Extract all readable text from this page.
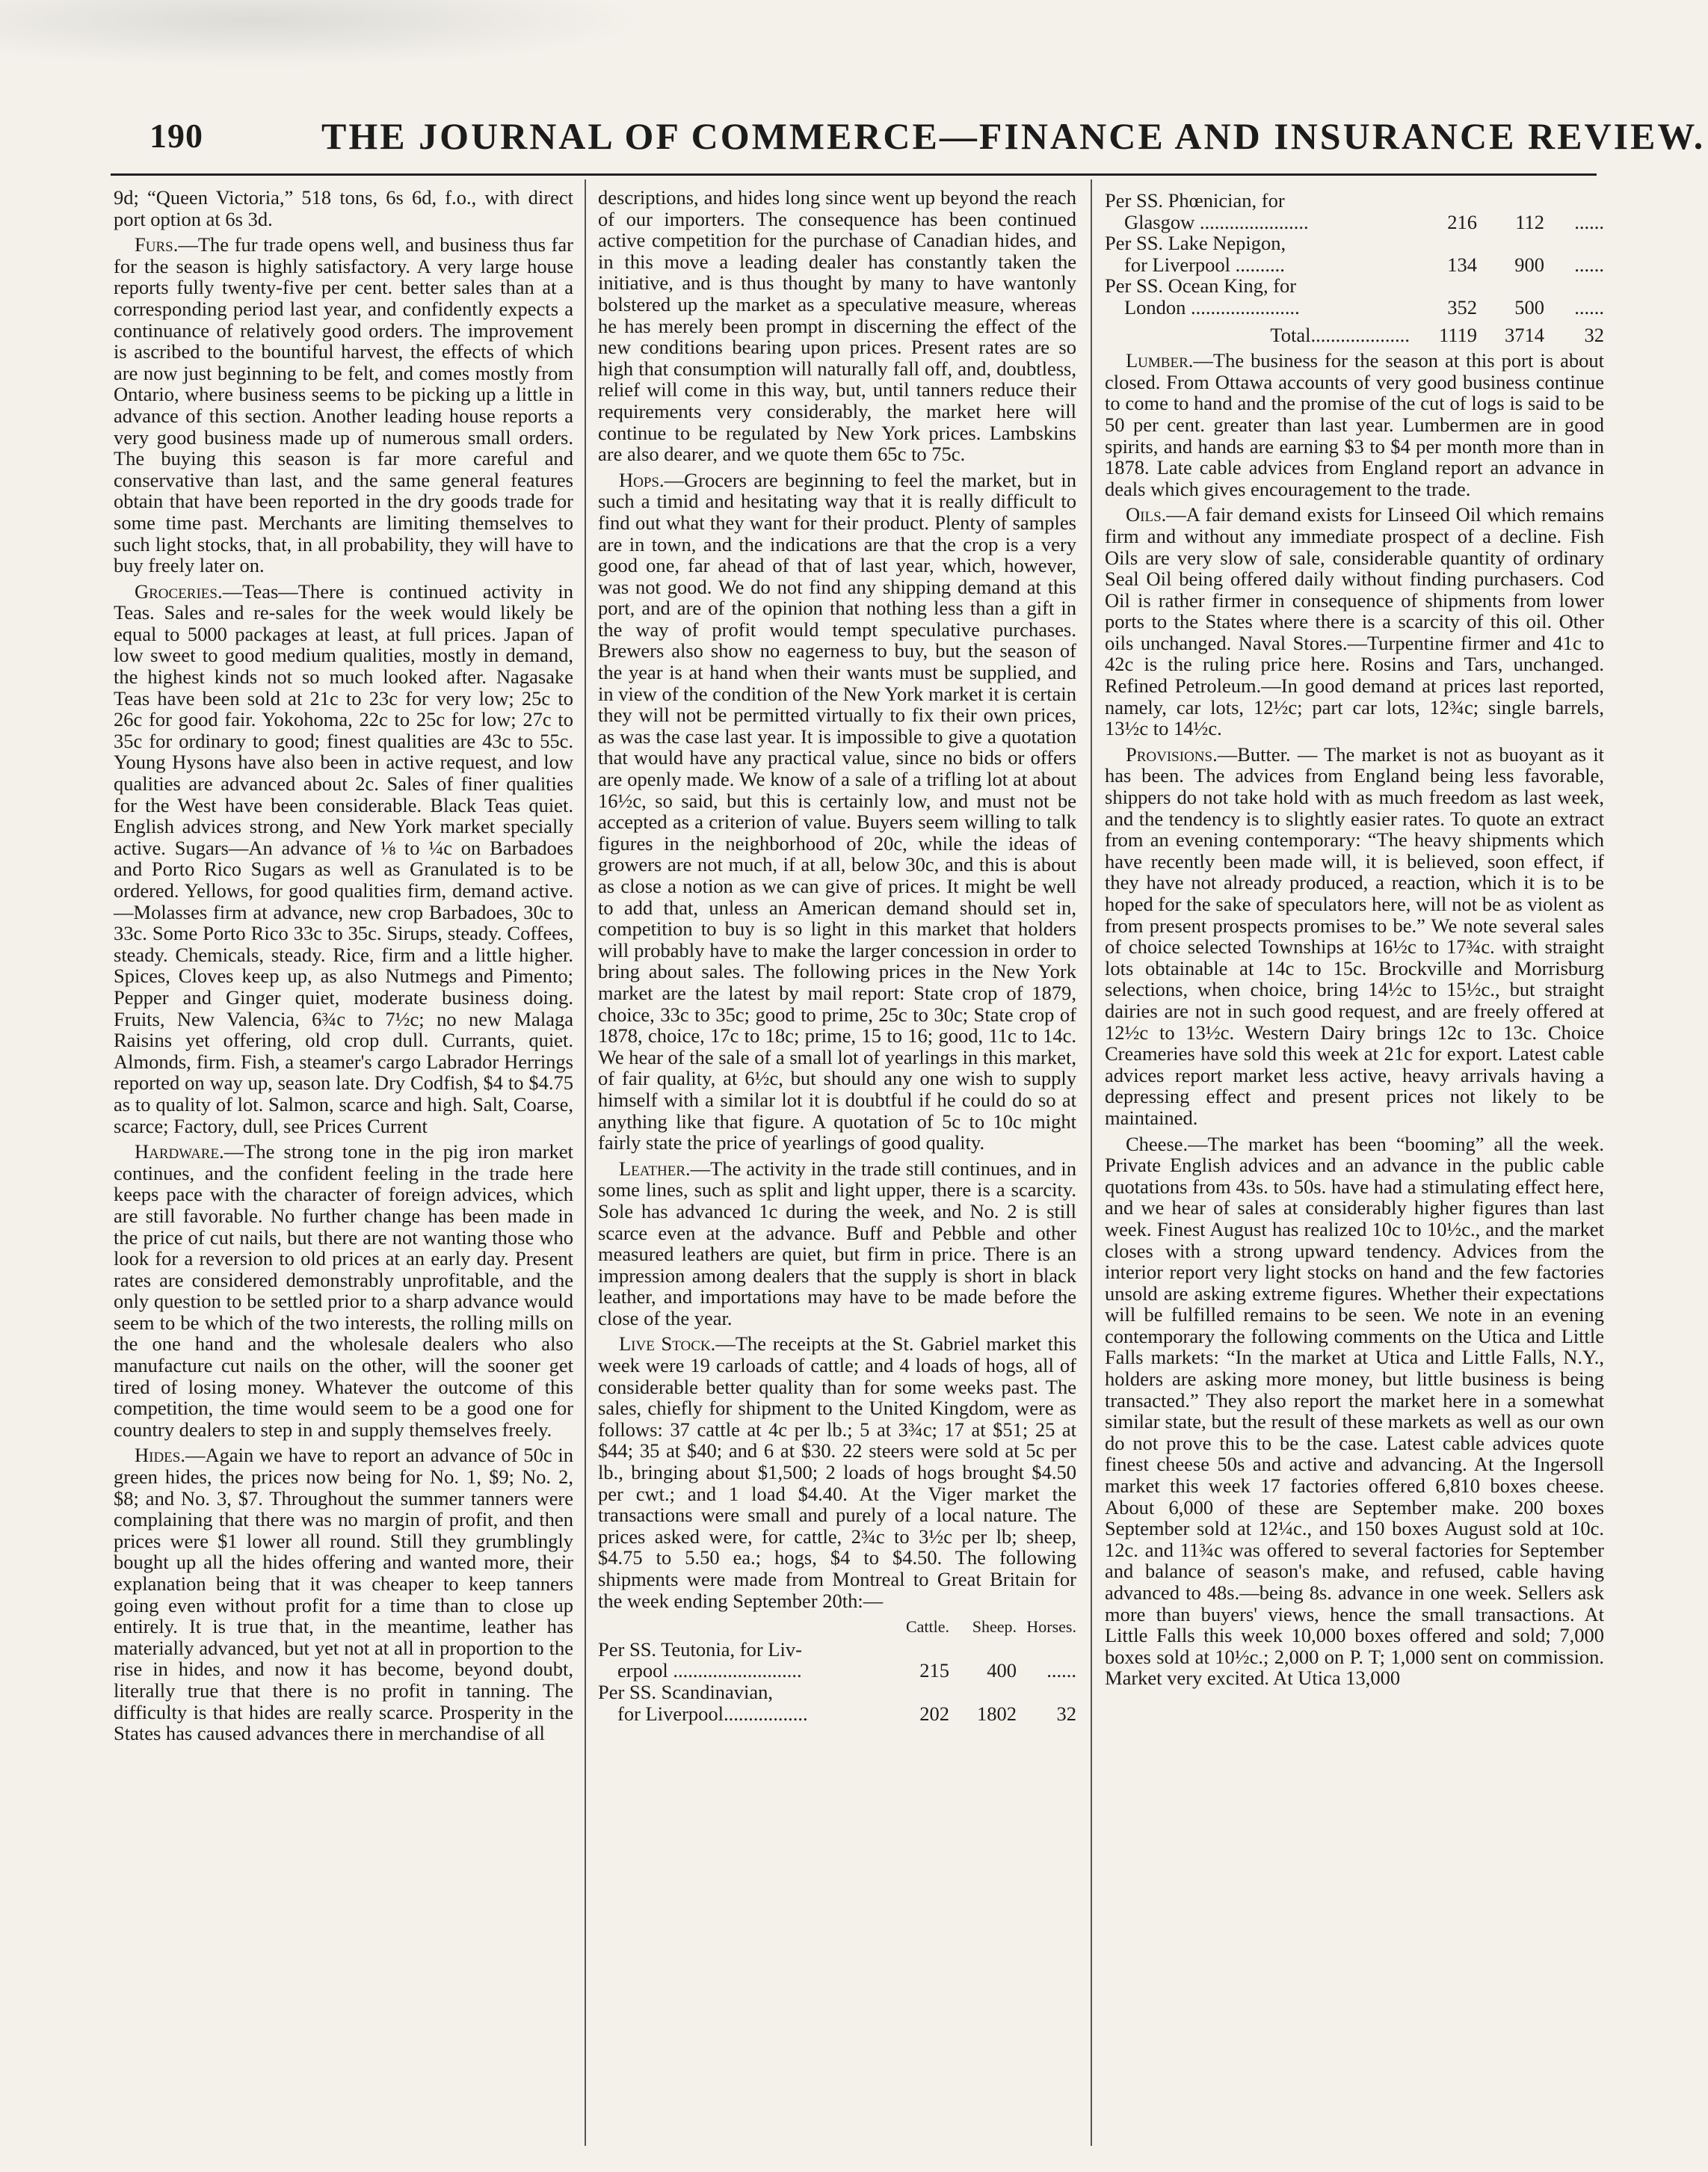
190	THE JOURNAL OF COMMERCE—FINANCE AND INSURANCE REVIEW.

9d; “Queen Victoria,” 518 tons, 6s 6d, f.o., with direct port option at 6s 3d.

Furs.—The fur trade opens well, and business thus far for the season is highly satisfactory. A very large house reports fully twenty-five per cent. better sales than at a corresponding period last year, and confidently expects a continuance of relatively good orders. The improvement is ascribed to the bountiful harvest, the effects of which are now just beginning to be felt, and comes mostly from Ontario, where business seems to be picking up a little in advance of this section. Another leading house reports a very good business made up of numerous small orders. The buying this season is far more careful and conservative than last, and the same general features obtain that have been reported in the dry goods trade for some time past. Merchants are limiting themselves to such light stocks, that, in all probability, they will have to buy freely later on.

Groceries.—Teas—There is continued activity in Teas. Sales and re-sales for the week would likely be equal to 5000 packages at least, at full prices. Japan of low sweet to good medium qualities, mostly in demand, the highest kinds not so much looked after. Nagasake Teas have been sold at 21c to 23c for very low; 25c to 26c for good fair. Yokohoma, 22c to 25c for low; 27c to 35c for ordinary to good; finest qualities are 43c to 55c. Young Hysons have also been in active request, and low qualities are advanced about 2c. Sales of finer qualities for the West have been considerable. Black Teas quiet. English advices strong, and New York market specially active. Sugars—An advance of ⅛ to ¼c on Barbadoes and Porto Rico Sugars as well as Granulated is to be ordered. Yellows, for good qualities firm, demand active.—Molasses firm at advance, new crop Barbadoes, 30c to 33c. Some Porto Rico 33c to 35c. Sirups, steady. Coffees, steady. Chemicals, steady. Rice, firm and a little higher. Spices, Cloves keep up, as also Nutmegs and Pimento; Pepper and Ginger quiet, moderate business doing. Fruits, New Valencia, 6¾c to 7½c; no new Malaga Raisins yet offering, old crop dull. Currants, quiet. Almonds, firm. Fish, a steamer's cargo Labrador Herrings reported on way up, season late. Dry Codfish, $4 to $4.75 as to quality of lot. Salmon, scarce and high. Salt, Coarse, scarce; Factory, dull, see Prices Current

Hardware.—The strong tone in the pig iron market continues, and the confident feeling in the trade here keeps pace with the character of foreign advices, which are still favorable. No further change has been made in the price of cut nails, but there are not wanting those who look for a reversion to old prices at an early day. Present rates are considered demonstrably unprofitable, and the only question to be settled prior to a sharp advance would seem to be which of the two interests, the rolling mills on the one hand and the wholesale dealers who also manufacture cut nails on the other, will the sooner get tired of losing money. Whatever the outcome of this competition, the time would seem to be a good one for country dealers to step in and supply themselves freely.

Hides.—Again we have to report an advance of 50c in green hides, the prices now being for No. 1, $9; No. 2, $8; and No. 3, $7. Throughout the summer tanners were complaining that there was no margin of profit, and then prices were $1 lower all round. Still they grumblingly bought up all the hides offering and wanted more, their explanation being that it was cheaper to keep tanners going even without profit for a time than to close up entirely. It is true that, in the meantime, leather has materially advanced, but yet not at all in proportion to the rise in hides, and now it has become, beyond doubt, literally true that there is no profit in tanning. The difficulty is that hides are really scarce. Prosperity in the States has caused advances there in merchandise of all

descriptions, and hides long since went up beyond the reach of our importers. The consequence has been continued active competition for the purchase of Canadian hides, and in this move a leading dealer has constantly taken the initiative, and is thus thought by many to have wantonly bolstered up the market as a speculative measure, whereas he has merely been prompt in discerning the effect of the new conditions bearing upon prices. Present rates are so high that consumption will naturally fall off, and, doubtless, relief will come in this way, but, until tanners reduce their requirements very considerably, the market here will continue to be regulated by New York prices. Lambskins are also dearer, and we quote them 65c to 75c.

Hops.—Grocers are beginning to feel the market, but in such a timid and hesitating way that it is really difficult to find out what they want for their product. Plenty of samples are in town, and the indications are that the crop is a very good one, far ahead of that of last year, which, however, was not good. We do not find any shipping demand at this port, and are of the opinion that nothing less than a gift in the way of profit would tempt speculative purchases. Brewers also show no eagerness to buy, but the season of the year is at hand when their wants must be supplied, and in view of the condition of the New York market it is certain they will not be permitted virtually to fix their own prices, as was the case last year. It is impossible to give a quotation that would have any practical value, since no bids or offers are openly made. We know of a sale of a trifling lot at about 16½c, so said, but this is certainly low, and must not be accepted as a criterion of value. Buyers seem willing to talk figures in the neighborhood of 20c, while the ideas of growers are not much, if at all, below 30c, and this is about as close a notion as we can give of prices. It might be well to add that, unless an American demand should set in, competition to buy is so light in this market that holders will probably have to make the larger concession in order to bring about sales. The following prices in the New York market are the latest by mail report: State crop of 1879, choice, 33c to 35c; good to prime, 25c to 30c; State crop of 1878, choice, 17c to 18c; prime, 15 to 16; good, 11c to 14c. We hear of the sale of a small lot of yearlings in this market, of fair quality, at 6½c, but should any one wish to supply himself with a similar lot it is doubtful if he could do so at anything like that figure. A quotation of 5c to 10c might fairly state the price of yearlings of good quality.

Leather.—The activity in the trade still continues, and in some lines, such as split and light upper, there is a scarcity. Sole has advanced 1c during the week, and No. 2 is still scarce even at the advance. Buff and Pebble and other measured leathers are quiet, but firm in price. There is an impression among dealers that the supply is short in black leather, and importations may have to be made before the close of the year.

Live Stock.—The receipts at the St. Gabriel market this week were 19 carloads of cattle; and 4 loads of hogs, all of considerable better quality than for some weeks past. The sales, chiefly for shipment to the United Kingdom, were as follows: 37 cattle at 4c per lb.; 5 at 3¾c; 17 at $51; 25 at $44; 35 at $40; and 6 at $30. 22 steers were sold at 5c per lb., bringing about $1,500; 2 loads of hogs brought $4.50 per cwt.; and 1 load $4.40. At the Viger market the transactions were small and purely of a local nature. The prices asked were, for cattle, 2¾c to 3½c per lb; sheep, $4.75 to 5.50 ea.; hogs, $4 to $4.50. The following shipments were made from Montreal to Great Britain for the week ending September 20th:—

	Cattle.	Sheep.	Horses.
Per SS. Teutonia, for Liv-			
erpool ..........................	215	400	......
Per SS. Scandinavian,			
for Liverpool.................	202	1802	32
Per SS. Phœnician, for			
Glasgow ......................	216	112	......
Per SS. Lake Nepigon,			
for Liverpool ..........	134	900	......
Per SS. Ocean King, for			
London ......................	352	500	......
Total....................	1119	3714	32

Lumber.—The business for the season at this port is about closed. From Ottawa accounts of very good business continue to come to hand and the promise of the cut of logs is said to be 50 per cent. greater than last year. Lumbermen are in good spirits, and hands are earning $3 to $4 per month more than in 1878. Late cable advices from England report an advance in deals which gives encouragement to the trade.

Oils.—A fair demand exists for Linseed Oil which remains firm and without any immediate prospect of a decline. Fish Oils are very slow of sale, considerable quantity of ordinary Seal Oil being offered daily without finding purchasers. Cod Oil is rather firmer in consequence of shipments from lower ports to the States where there is a scarcity of this oil. Other oils unchanged. Naval Stores.—Turpentine firmer and 41c to 42c is the ruling price here. Rosins and Tars, unchanged. Refined Petroleum.—In good demand at prices last reported, namely, car lots, 12½c; part car lots, 12¾c; single barrels, 13½c to 14½c.

Provisions.—Butter. — The market is not as buoyant as it has been. The advices from England being less favorable, shippers do not take hold with as much freedom as last week, and the tendency is to slightly easier rates. To quote an extract from an evening contemporary: “The heavy shipments which have recently been made will, it is believed, soon effect, if they have not already produced, a reaction, which it is to be hoped for the sake of speculators here, will not be as violent as from present prospects promises to be.” We note several sales of choice selected Townships at 16½c to 17¾c. with straight lots obtainable at 14c to 15c. Brockville and Morrisburg selections, when choice, bring 14½c to 15½c., but straight dairies are not in such good request, and are freely offered at 12½c to 13½c. Western Dairy brings 12c to 13c. Choice Creameries have sold this week at 21c for export. Latest cable advices report market less active, heavy arrivals having a depressing effect and present prices not likely to be maintained.

Cheese.—The market has been “booming” all the week. Private English advices and an advance in the public cable quotations from 43s. to 50s. have had a stimulating effect here, and we hear of sales at considerably higher figures than last week. Finest August has realized 10c to 10½c., and the market closes with a strong upward tendency. Advices from the interior report very light stocks on hand and the few factories unsold are asking extreme figures. Whether their expectations will be fulfilled remains to be seen. We note in an evening contemporary the following comments on the Utica and Little Falls markets: “In the market at Utica and Little Falls, N.Y., holders are asking more money, but little business is being transacted.” They also report the market here in a somewhat similar state, but the result of these markets as well as our own do not prove this to be the case. Latest cable advices quote finest cheese 50s and active and advancing. At the Ingersoll market this week 17 factories offered 6,810 boxes cheese. About 6,000 of these are September make. 200 boxes September sold at 12¼c., and 150 boxes August sold at 10c. 12c. and 11¾c was offered to several factories for September and balance of season's make, and refused, cable having advanced to 48s.—being 8s. advance in one week. Sellers ask more than buyers' views, hence the small transactions. At Little Falls this week 10,000 boxes offered and sold; 7,000 boxes sold at 10½c.; 2,000 on P. T; 1,000 sent on commission. Market very excited. At Utica 13,000
